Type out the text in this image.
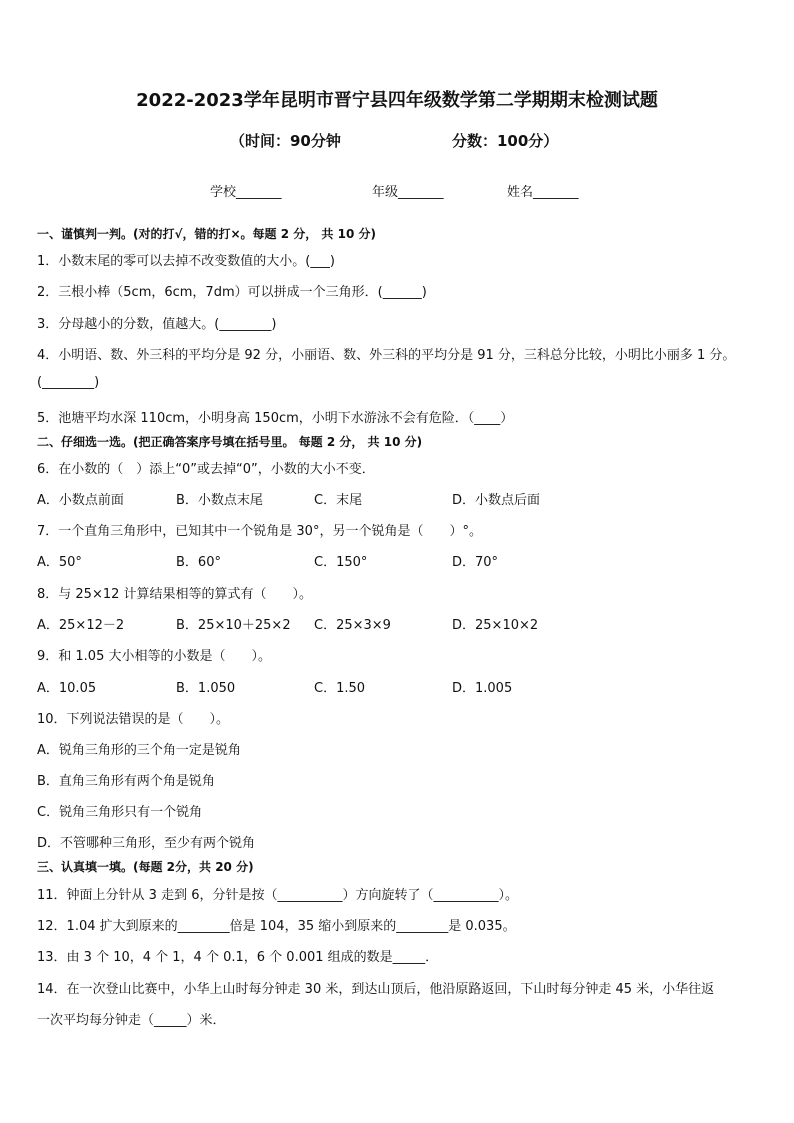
2022-2023学年昆明市晋宁县四年级数学第二学期期末检测试题
（时间：90分钟	分数：100分）
学校_______	年级_______	姓名_______
一、谨慎判一判。(对的打√，错的打×。每题 2 分， 共 10 分)
1．小数末尾的零可以去掉不改变数值的大小。(___)
2．三根小棒（5cm，6cm，7dm）可以拼成一个三角形．(______)
3．分母越小的分数，值越大。(________)
4．小明语、数、外三科的平均分是 92 分，小丽语、数、外三科的平均分是 91 分，三科总分比较，小明比小丽多 1 分。
(________)
5．池塘平均水深 110cm，小明身高 150cm，小明下水游泳不会有危险．（____）
二、仔细选一选。(把正确答案序号填在括号里。 每题 2 分， 共 10 分)
6．在小数的（　）添上“0”或去掉“0”，小数的大小不变．
A．小数点前面	B．小数点末尾	C．末尾	D．小数点后面
7．一个直角三角形中，已知其中一个锐角是 30°，另一个锐角是（　　）°。
A．50°	B．60°	C．150°	D．70°
8．与 25×12 计算结果相等的算式有（　　）。
A．25×12－2	B．25×10＋25×2 C．25×3×9	D．25×10×2
9．和 1.05 大小相等的小数是（　　）。
A．10.05	B．1.050	C．1.50	D．1.005
10．下列说法错误的是（　　）。
A．锐角三角形的三个角一定是锐角
B．直角三角形有两个角是锐角
C．锐角三角形只有一个锐角
D．不管哪种三角形，至少有两个锐角
三、认真填一填。(每题 2分，共 20 分)
11．钟面上分针从 3 走到 6，分针是按（__________）方向旋转了（__________）。
12．1.04 扩大到原来的________倍是 104，35 缩小到原来的________是 0.035。
13．由 3 个 10，4 个 1，4 个 0.1，6 个 0.001 组成的数是_____．
14．在一次登山比赛中，小华上山时每分钟走 30 米，到达山顶后，他沿原路返回，下山时每分钟走 45 米，小华往返
一次平均每分钟走（_____）米．
